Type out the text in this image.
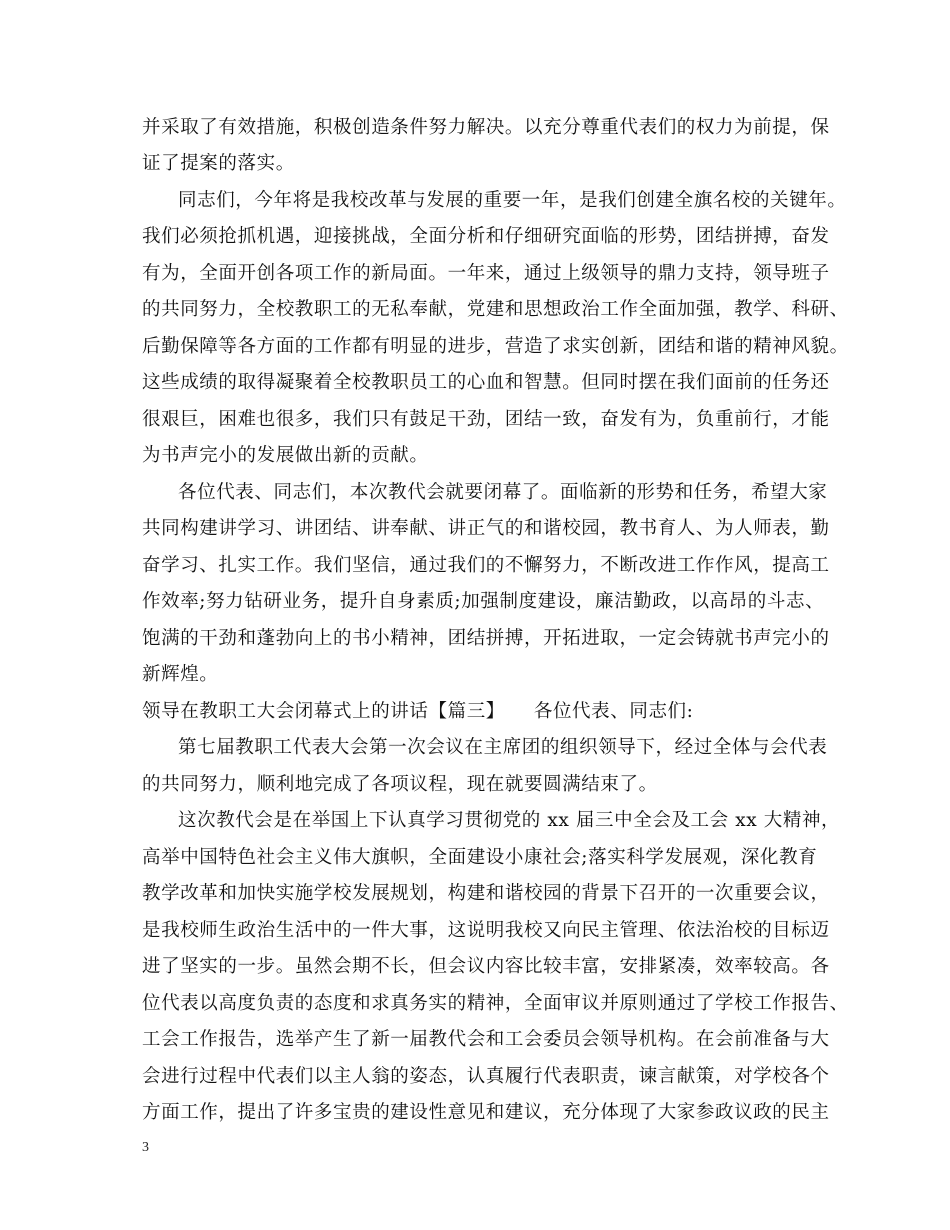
并采取了有效措施，积极创造条件努力解决。以充分尊重代表们的权力为前提，保
证了提案的落实。
同志们，今年将是我校改革与发展的重要一年，是我们创建全旗名校的关键年。
我们必须抢抓机遇，迎接挑战，全面分析和仔细研究面临的形势，团结拼搏，奋发
有为，全面开创各项工作的新局面。一年来，通过上级领导的鼎力支持，领导班子
的共同努力，全校教职工的无私奉献，党建和思想政治工作全面加强，教学、科研、
后勤保障等各方面的工作都有明显的进步，营造了求实创新，团结和谐的精神风貌。
这些成绩的取得凝聚着全校教职员工的心血和智慧。但同时摆在我们面前的任务还
很艰巨，困难也很多，我们只有鼓足干劲，团结一致，奋发有为，负重前行，才能
为书声完小的发展做出新的贡献。
各位代表、同志们，本次教代会就要闭幕了。面临新的形势和任务，希望大家
共同构建讲学习、讲团结、讲奉献、讲正气的和谐校园，教书育人、为人师表，勤
奋学习、扎实工作。我们坚信，通过我们的不懈努力，不断改进工作作风，提高工
作效率;努力钻研业务，提升自身素质;加强制度建设，廉洁勤政，以高昂的斗志、
饱满的干劲和蓬勃向上的书小精神，团结拼搏，开拓进取，一定会铸就书声完小的
新辉煌。
领导在教职工大会闭幕式上的讲话【篇三】　　各位代表、同志们:
第七届教职工代表大会第一次会议在主席团的组织领导下，经过全体与会代表
的共同努力，顺利地完成了各项议程，现在就要圆满结束了。
这次教代会是在举国上下认真学习贯彻党的 xx 届三中全会及工会 xx 大精神，
高举中国特色社会主义伟大旗帜，全面建设小康社会;落实科学发展观，深化教育
教学改革和加快实施学校发展规划，构建和谐校园的背景下召开的一次重要会议，
是我校师生政治生活中的一件大事，这说明我校又向民主管理、依法治校的目标迈
进了坚实的一步。虽然会期不长，但会议内容比较丰富，安排紧凑，效率较高。各
位代表以高度负责的态度和求真务实的精神，全面审议并原则通过了学校工作报告、
工会工作报告，选举产生了新一届教代会和工会委员会领导机构。在会前准备与大
会进行过程中代表们以主人翁的姿态，认真履行代表职责，谏言献策，对学校各个
方面工作，提出了许多宝贵的建设性意见和建议，充分体现了大家参政议政的民主
3
